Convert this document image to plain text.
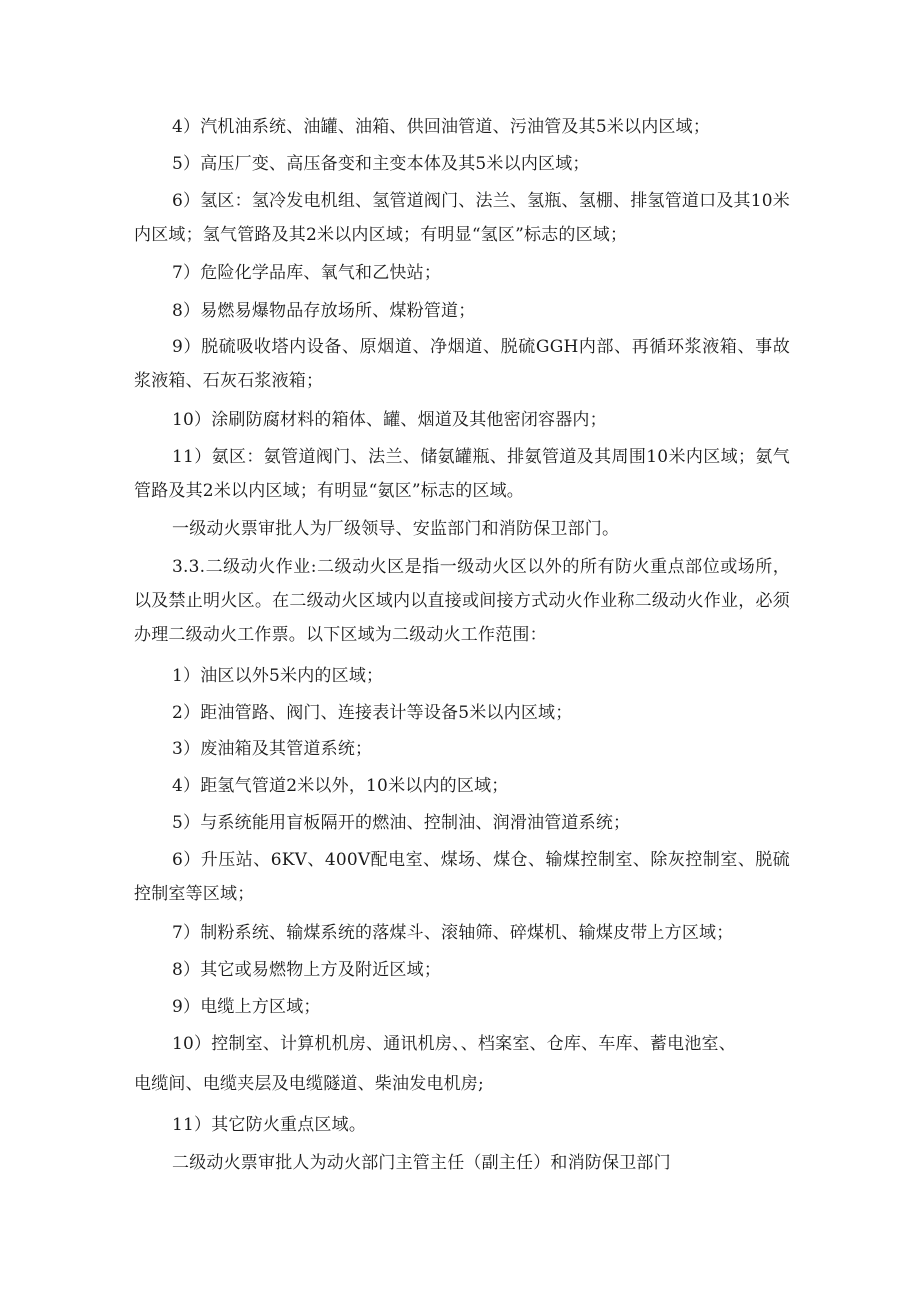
4）汽机油系统、油罐、油箱、供回油管道、污油管及其5米以内区域；

5）高压厂变、高压备变和主变本体及其5米以内区域；

6）氢区：氢冷发电机组、氢管道阀门、法兰、氢瓶、氢棚、排氢管道口及其10米内区域；氢气管路及其2米以内区域；有明显“氢区”标志的区域；

7）危险化学品库、氧气和乙快站；

8）易燃易爆物品存放场所、煤粉管道；

9）脱硫吸收塔内设备、原烟道、净烟道、脱硫GGH内部、再循环浆液箱、事故浆液箱、石灰石浆液箱；

10）涂刷防腐材料的箱体、罐、烟道及其他密闭容器内；

11）氨区：氨管道阀门、法兰、储氨罐瓶、排氨管道及其周围10米内区域；氨气管路及其2米以内区域；有明显“氨区”标志的区域。

一级动火票审批人为厂级领导、安监部门和消防保卫部门。

3.3.二级动火作业:二级动火区是指一级动火区以外的所有防火重点部位或场所，以及禁止明火区。在二级动火区域内以直接或间接方式动火作业称二级动火作业，必须办理二级动火工作票。以下区域为二级动火工作范围：

1）油区以外5米内的区域；

2）距油管路、阀门、连接表计等设备5米以内区域；

3）废油箱及其管道系统；

4）距氢气管道2米以外，10米以内的区域；

5）与系统能用盲板隔开的燃油、控制油、润滑油管道系统；

6）升压站、6KV、400V配电室、煤场、煤仓、输煤控制室、除灰控制室、脱硫控制室等区域；

7）制粉系统、输煤系统的落煤斗、滚轴筛、碎煤机、输煤皮带上方区域；

8）其它或易燃物上方及附近区域；

9）电缆上方区域；

10）控制室、计算机机房、通讯机房、、档案室、仓库、车库、蓄电池室、

电缆间、电缆夹层及电缆隧道、柴油发电机房;

11）其它防火重点区域。

二级动火票审批人为动火部门主管主任（副主任）和消防保卫部门
